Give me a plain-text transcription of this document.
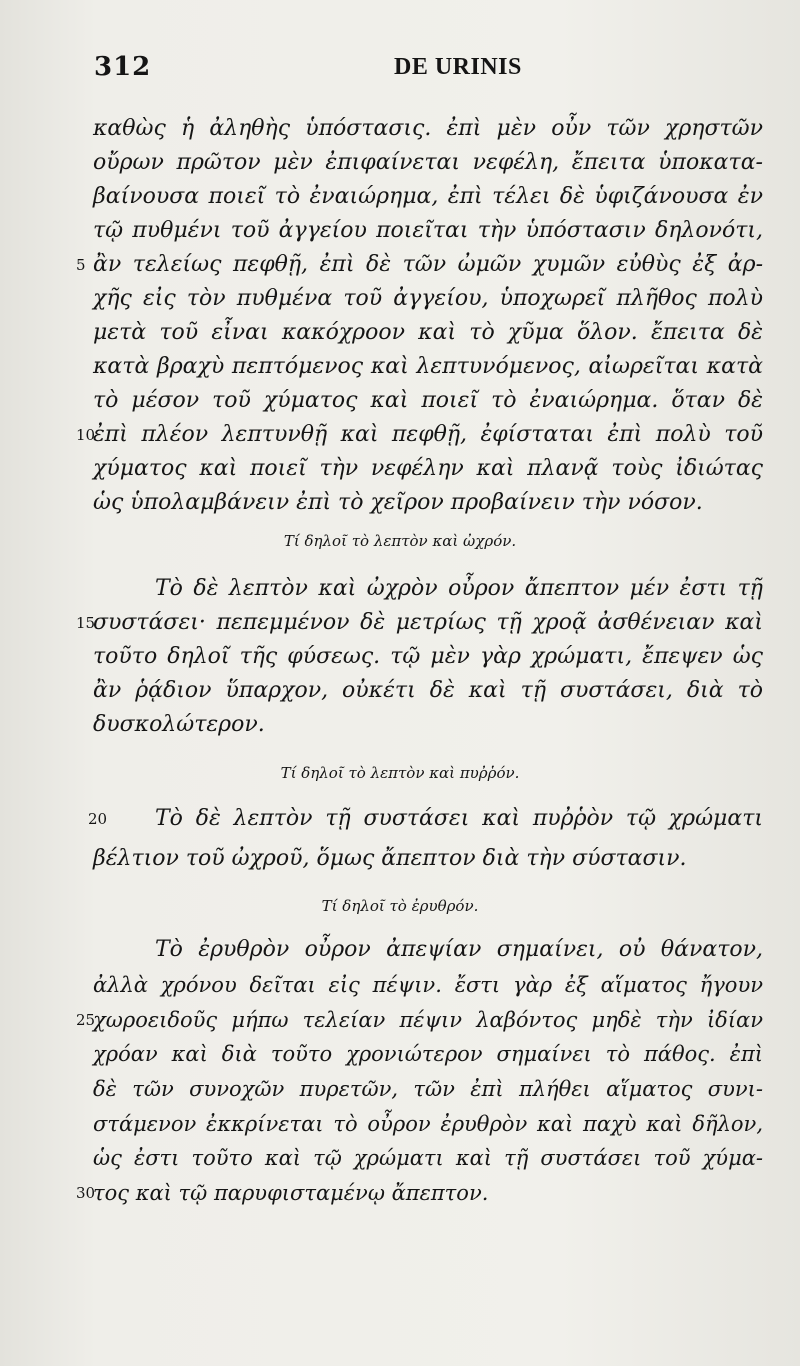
312	DE URINIS
καθὼς ἡ ἀληθὴς ὑπόστασις. ἐπὶ μὲν οὖν τῶν χρηστῶν
οὔρων πρῶτον μὲν ἐπιφαίνεται νεφέλη, ἔπειτα ὑποκατα-
βαίνουσα ποιεῖ τὸ ἐναιώρημα, ἐπὶ τέλει δὲ ὑφιζάνουσα ἐν
τῷ πυθμένι τοῦ ἀγγείου ποιεῖται τὴν ὑπόστασιν δηλονότι,
ἂν τελείως πεφθῇ, ἐπὶ δὲ τῶν ὠμῶν χυμῶν εὐθὺς ἐξ ἀρ-
χῆς εἰς τὸν πυθμένα τοῦ ἀγγείου, ὑποχωρεῖ πλῆθος πολὺ
μετὰ τοῦ εἶναι κακόχροον καὶ τὸ χῦμα ὅλον. ἔπειτα δὲ
κατὰ βραχὺ πεπτόμενος καὶ λεπτυνόμενος, αἰωρεῖται κατὰ
τὸ μέσον τοῦ χύματος καὶ ποιεῖ τὸ ἐναιώρημα. ὅταν δὲ
ἐπὶ πλέον λεπτυνθῇ καὶ πεφθῇ, ἐφίσταται ἐπὶ πολὺ τοῦ
χύματος καὶ ποιεῖ τὴν νεφέλην καὶ πλανᾷ τοὺς ἰδιώτας
ὡς ὑπολαμβάνειν ἐπὶ τὸ χεῖρον προβαίνειν τὴν νόσον.
Τί δηλοῖ τὸ λεπτὸν καὶ ὠχρόν.
Τὸ δὲ λεπτὸν καὶ ὠχρὸν οὖρον ἄπεπτον μέν ἐστι τῇ
συστάσει· πεπεμμένον δὲ μετρίως τῇ χροᾷ ἀσθένειαν καὶ
τοῦτο δηλοῖ τῆς φύσεως. τῷ μὲν γὰρ χρώματι, ἔπεψεν ὡς
ἂν ῥᾴδιον ὕπαρχον, οὐκέτι δὲ καὶ τῇ συστάσει, διὰ τὸ
δυσκολώτερον.
Τί δηλοῖ τὸ λεπτὸν καὶ πυῤῥόν.
Τὸ δὲ λεπτὸν τῇ συστάσει καὶ πυῤῥὸν τῷ χρώματι
βέλτιον τοῦ ὠχροῦ, ὅμως ἄπεπτον διὰ τὴν σύστασιν.
Τί δηλοῖ τὸ ἐρυθρόν.
Τὸ ἐρυθρὸν οὖρον ἀπεψίαν σημαίνει, οὐ θάνατον,
ἀλλὰ χρόνου δεῖται εἰς πέψιν. ἔστι γὰρ ἐξ αἵματος ἤγουν
χωροειδοῦς μήπω τελείαν πέψιν λαβόντος μηδὲ τὴν ἰδίαν
χρόαν καὶ διὰ τοῦτο χρονιώτερον σημαίνει τὸ πάθος. ἐπὶ
δὲ τῶν συνοχῶν πυρετῶν, τῶν ἐπὶ πλήθει αἵματος συνι-
στάμενον ἐκκρίνεται τὸ οὖρον ἐρυθρὸν καὶ παχὺ καὶ δῆλον,
ὡς ἐστι τοῦτο καὶ τῷ χρώματι καὶ τῇ συστάσει τοῦ χύμα-
τος καὶ τῷ παρυφισταμένῳ ἄπεπτον.
5
10
15
20
25
30
